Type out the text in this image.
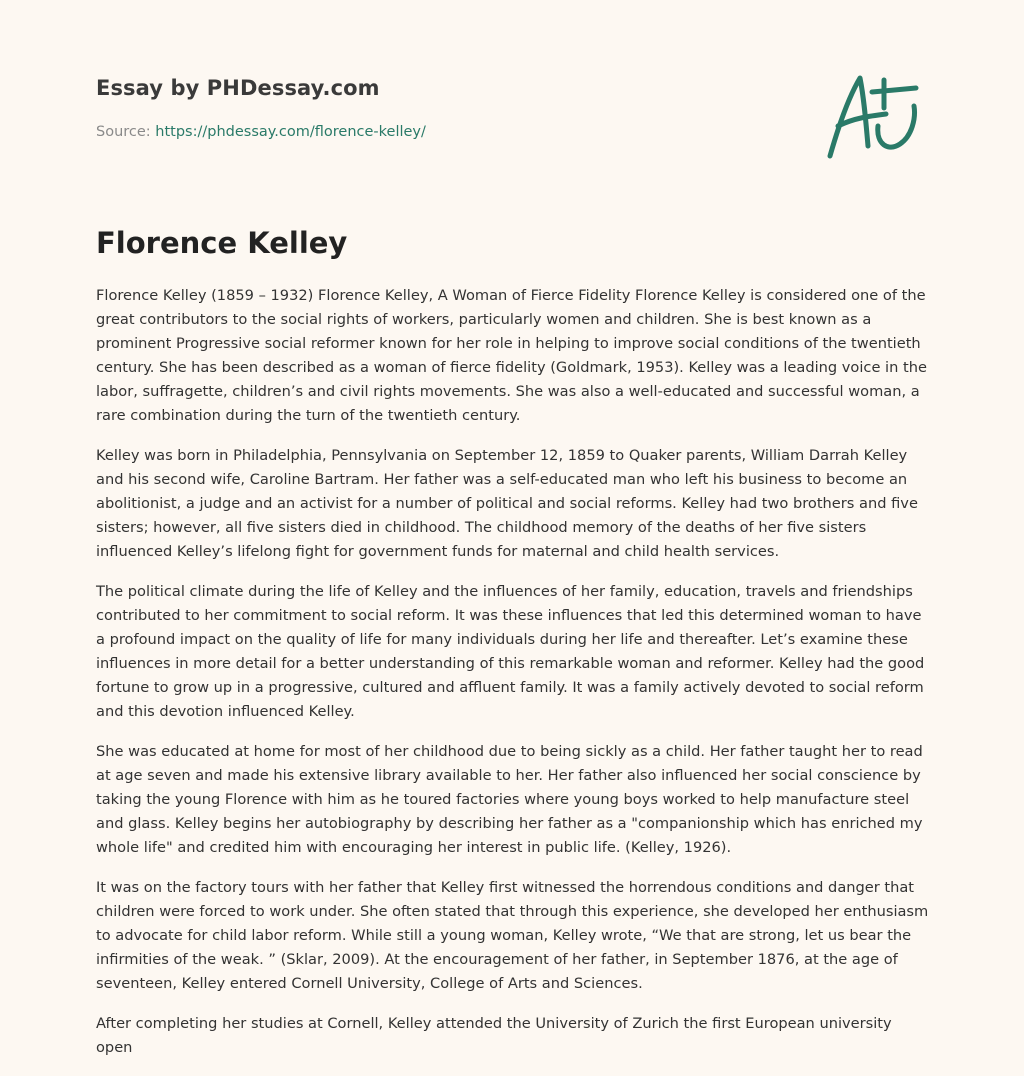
Essay by PHDessay.com
Source: https://phdessay.com/florence-kelley/
Florence Kelley

Florence Kelley (1859 – 1932) Florence Kelley, A Woman of Fierce Fidelity Florence Kelley is considered one of the great contributors to the social rights of workers, particularly women and children. She is best known as a prominent Progressive social reformer known for her role in helping to improve social conditions of the twentieth century. She has been described as a woman of fierce fidelity (Goldmark, 1953). Kelley was a leading voice in the labor, suffragette, children’s and civil rights movements. She was also a well-educated and successful woman, a rare combination during the turn of the twentieth century.

Kelley was born in Philadelphia, Pennsylvania on September 12, 1859 to Quaker parents, William Darrah Kelley and his second wife, Caroline Bartram. Her father was a self-educated man who left his business to become an abolitionist, a judge and an activist for a number of political and social reforms. Kelley had two brothers and five sisters; however, all five sisters died in childhood. The childhood memory of the deaths of her five sisters influenced Kelley’s lifelong fight for government funds for maternal and child health services.

The political climate during the life of Kelley and the influences of her family, education, travels and friendships contributed to her commitment to social reform. It was these influences that led this determined woman to have a profound impact on the quality of life for many individuals during her life and thereafter. Let’s examine these influences in more detail for a better understanding of this remarkable woman and reformer. Kelley had the good fortune to grow up in a progressive, cultured and affluent family. It was a family actively devoted to social reform and this devotion influenced Kelley.

She was educated at home for most of her childhood due to being sickly as a child. Her father taught her to read at age seven and made his extensive library available to her. Her father also influenced her social conscience by taking the young Florence with him as he toured factories where young boys worked to help manufacture steel and glass. Kelley begins her autobiography by describing her father as a "companionship which has enriched my whole life" and credited him with encouraging her interest in public life. (Kelley, 1926).

It was on the factory tours with her father that Kelley first witnessed the horrendous conditions and danger that children were forced to work under. She often stated that through this experience, she developed her enthusiasm to advocate for child labor reform. While still a young woman, Kelley wrote, “We that are strong, let us bear the infirmities of the weak. ” (Sklar, 2009). At the encouragement of her father, in September 1876, at the age of seventeen, Kelley entered Cornell University, College of Arts and Sciences.

After completing her studies at Cornell, Kelley attended the University of Zurich the first European university open
